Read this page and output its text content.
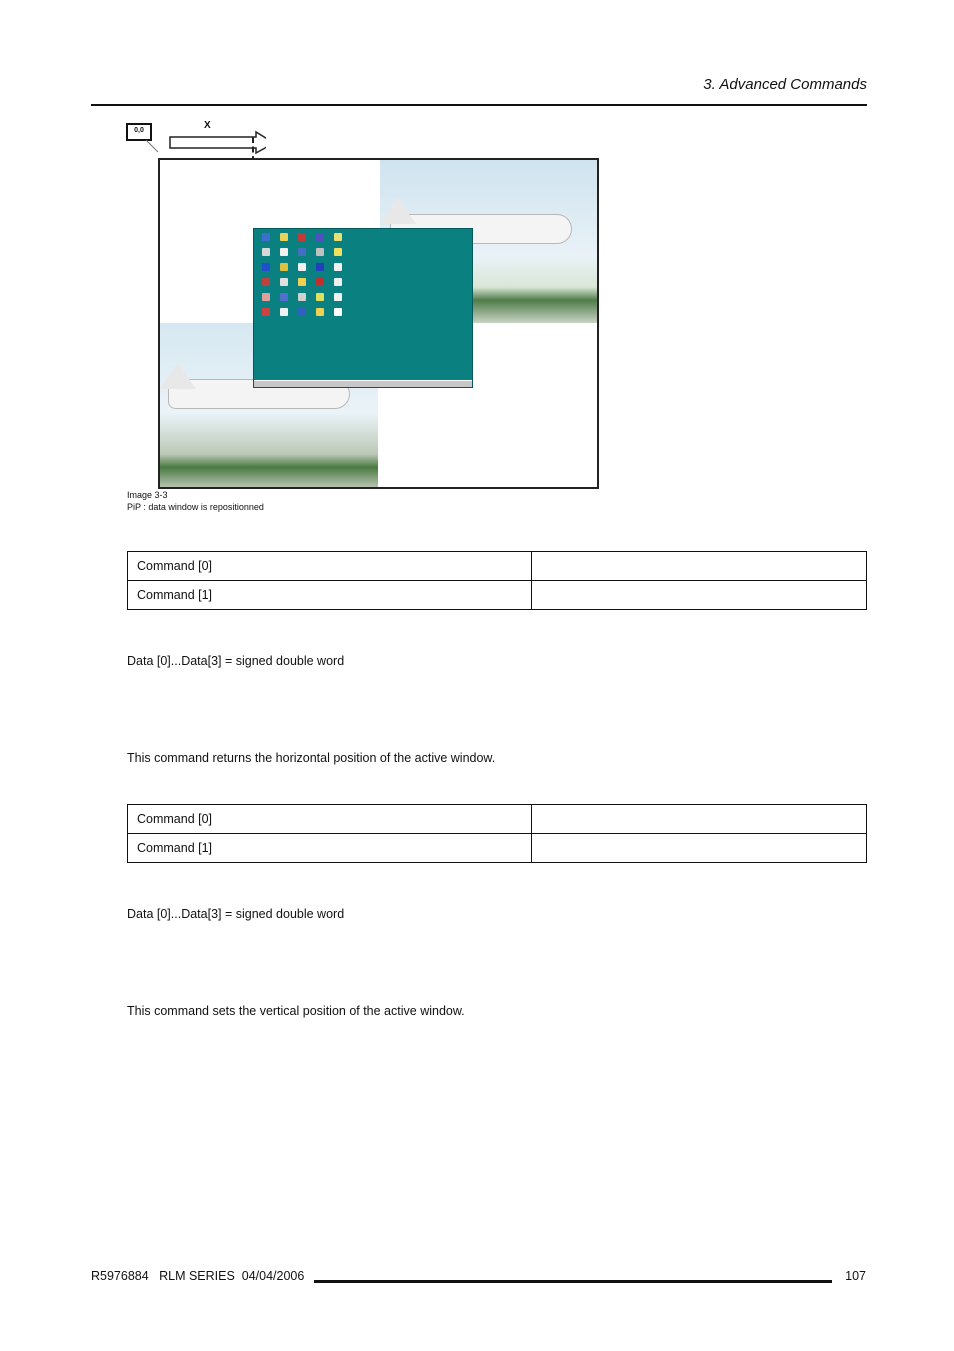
3. Advanced Commands
0,0	X
Image 3-3
PiP : data window is repositionned
Command [0]	
Command [1]	
Data [0]...Data[3] = signed double word
This command returns the horizontal position of the active window.
Command [0]	
Command [1]	
Data [0]...Data[3] = signed double word
This command sets the vertical position of the active window.
R5976884   RLM SERIES  04/04/2006	107
